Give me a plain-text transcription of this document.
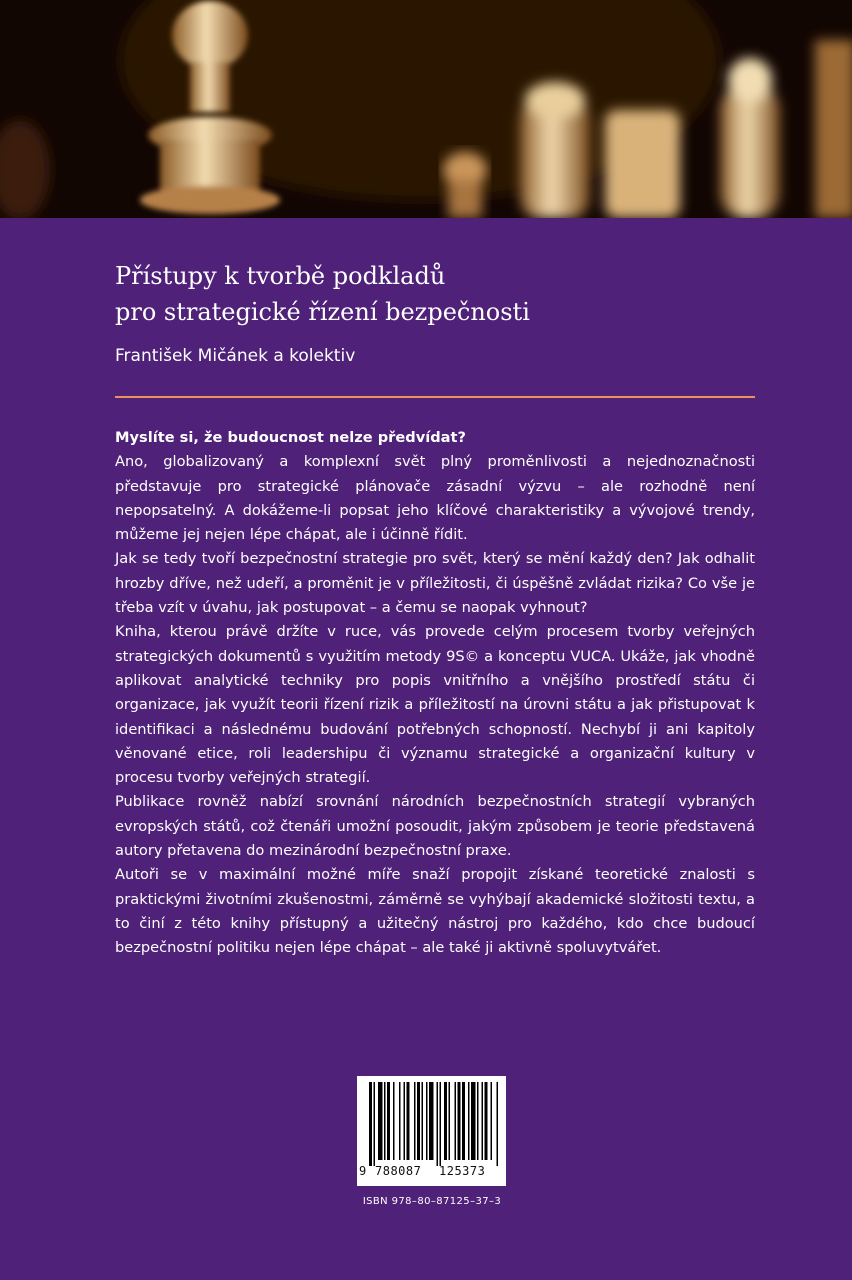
Přístupy k tvorbě podkladů
pro strategické řízení bezpečnosti
František Mičánek a kolektiv

Myslíte si, že budoucnost nelze předvídat?

Ano, globalizovaný a komplexní svět plný proměnlivosti a nejednoznačnosti představuje pro strategické plánovače zásadní výzvu – ale rozhodně není nepopsatelný. A dokážeme-li popsat jeho klíčové charakteristiky a vývojové trendy, můžeme jej nejen lépe chápat, ale i účinně řídit.

Jak se tedy tvoří bezpečnostní strategie pro svět, který se mění každý den? Jak odhalit hrozby dříve, než udeří, a proměnit je v příležitosti, či úspěšně zvládat rizika? Co vše je třeba vzít v úvahu, jak postupovat – a čemu se naopak vyhnout?

Kniha, kterou právě držíte v ruce, vás provede celým procesem tvorby veřejných strategických dokumentů s využitím metody 9S© a konceptu VUCA. Ukáže, jak vhodně aplikovat analytické techniky pro popis vnitřního a vnějšího prostředí státu či organizace, jak využít teorii řízení rizik a příležitostí na úrovni státu a jak přistupovat k identifikaci a následnému budování potřebných schopností. Nechybí ji ani kapitoly věnované etice, roli leadershipu či významu strategické a organizační kultury v procesu tvorby veřejných strategií.

Publikace rovněž nabízí srovnání národních bezpečnostních strategií vybraných evropských států, což čtenáři umožní posoudit, jakým způsobem je teorie představená autory přetavena do mezinárodní bezpečnostní praxe.

Autoři se v maximální možné míře snaží propojit získané teoretické znalosti s praktickými životními zkušenostmi, záměrně se vyhýbají akademické složitosti textu, a to činí z této knihy přístupný a užitečný nástroj pro každého, kdo chce budoucí bezpečnostní politiku nejen lépe chápat – ale také ji aktivně spoluvytvářet.

9 788087 125373
ISBN 978–80–87125–37–3
